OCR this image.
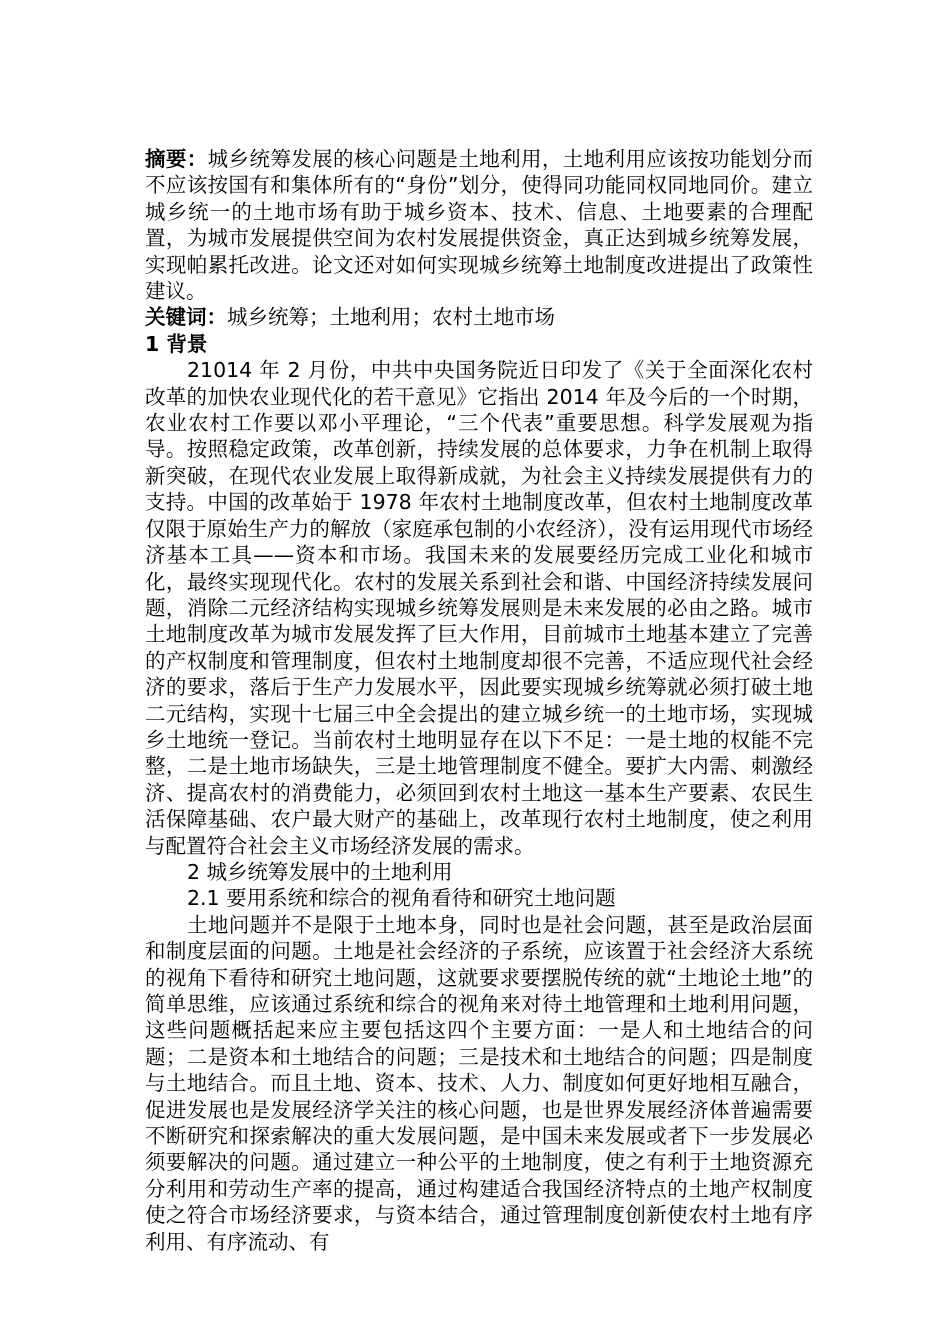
摘要：城乡统筹发展的核心问题是土地利用，土地利用应该按功能划分而不应该按国有和集体所有的“身份”划分，使得同功能同权同地同价。建立城乡统一的土地市场有助于城乡资本、技术、信息、土地要素的合理配置，为城市发展提供空间为农村发展提供资金，真正达到城乡统筹发展，实现帕累托改进。论文还对如何实现城乡统筹土地制度改进提出了政策性建议。

关键词：城乡统筹；土地利用；农村土地市场

1 背景

21014 年 2 月份，中共中央国务院近日印发了《关于全面深化农村改革的加快农业现代化的若干意见》它指出 2014 年及今后的一个时期，农业农村工作要以邓小平理论，“三个代表”重要思想。科学发展观为指导。按照稳定政策，改革创新，持续发展的总体要求，力争在机制上取得新突破，在现代农业发展上取得新成就，为社会主义持续发展提供有力的支持。中国的改革始于 1978 年农村土地制度改革，但农村土地制度改革仅限于原始生产力的解放（家庭承包制的小农经济），没有运用现代市场经济基本工具——资本和市场。我国未来的发展要经历完成工业化和城市化，最终实现现代化。农村的发展关系到社会和谐、中国经济持续发展问题，消除二元经济结构实现城乡统筹发展则是未来发展的必由之路。城市土地制度改革为城市发展发挥了巨大作用，目前城市土地基本建立了完善的产权制度和管理制度，但农村土地制度却很不完善，不适应现代社会经济的要求，落后于生产力发展水平，因此要实现城乡统筹就必须打破土地二元结构，实现十七届三中全会提出的建立城乡统一的土地市场，实现城乡土地统一登记。当前农村土地明显存在以下不足：一是土地的权能不完整，二是土地市场缺失，三是土地管理制度不健全。要扩大内需、刺激经济、提高农村的消费能力，必须回到农村土地这一基本生产要素、农民生活保障基础、农户最大财产的基础上，改革现行农村土地制度，使之利用与配置符合社会主义市场经济发展的需求。

2 城乡统筹发展中的土地利用

2.1 要用系统和综合的视角看待和研究土地问题

土地问题并不是限于土地本身，同时也是社会问题，甚至是政治层面和制度层面的问题。土地是社会经济的子系统，应该置于社会经济大系统的视角下看待和研究土地问题，这就要求要摆脱传统的就“土地论土地”的简单思维，应该通过系统和综合的视角来对待土地管理和土地利用问题，这些问题概括起来应主要包括这四个主要方面：一是人和土地结合的问题；二是资本和土地结合的问题；三是技术和土地结合的问题；四是制度与土地结合。而且土地、资本、技术、人力、制度如何更好地相互融合，促进发展也是发展经济学关注的核心问题，也是世界发展经济体普遍需要不断研究和探索解决的重大发展问题，是中国未来发展或者下一步发展必须要解决的问题。通过建立一种公平的土地制度，使之有利于土地资源充分利用和劳动生产率的提高，通过构建适合我国经济特点的土地产权制度使之符合市场经济要求，与资本结合，通过管理制度创新使农村土地有序利用、有序流动、有
